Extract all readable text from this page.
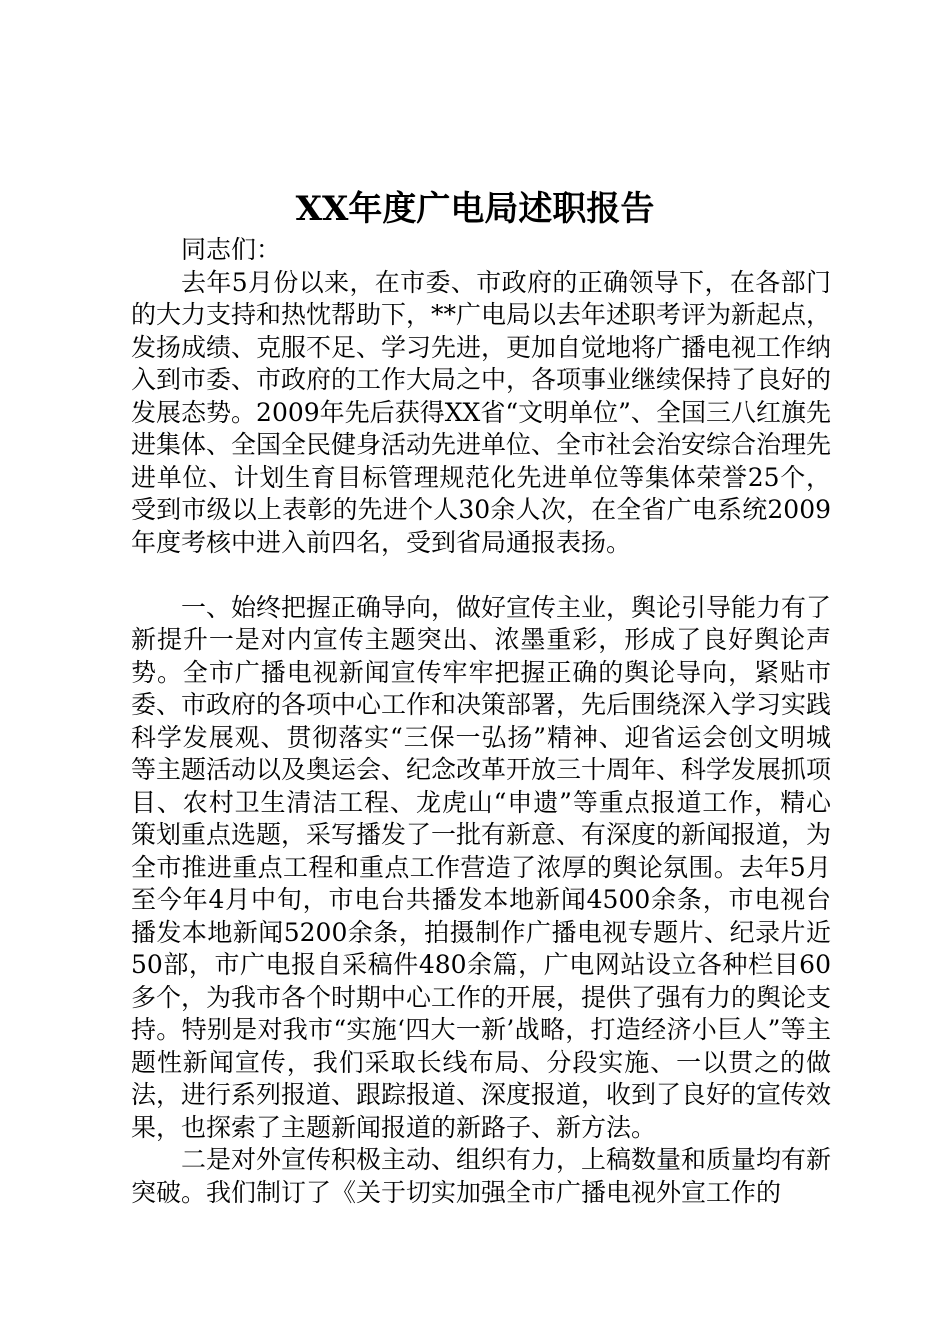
XX年度广电局述职报告

同志们：

去年5月份以来，在市委、市政府的正确领导下，在各部门的大力支持和热忱帮助下，**广电局以去年述职考评为新起点，发扬成绩、克服不足、学习先进，更加自觉地将广播电视工作纳入到市委、市政府的工作大局之中，各项事业继续保持了良好的发展态势。2009年先后获得XX省“文明单位”、全国三八红旗先进集体、全国全民健身活动先进单位、全市社会治安综合治理先进单位、计划生育目标管理规范化先进单位等集体荣誉25个，受到市级以上表彰的先进个人30余人次，在全省广电系统2009年度考核中进入前四名，受到省局通报表扬。

一、始终把握正确导向，做好宣传主业，舆论引导能力有了新提升一是对内宣传主题突出、浓墨重彩，形成了良好舆论声势。全市广播电视新闻宣传牢牢把握正确的舆论导向，紧贴市委、市政府的各项中心工作和决策部署，先后围绕深入学习实践科学发展观、贯彻落实“三保一弘扬”精神、迎省运会创文明城等主题活动以及奥运会、纪念改革开放三十周年、科学发展抓项目、农村卫生清洁工程、龙虎山“申遗”等重点报道工作，精心策划重点选题，采写播发了一批有新意、有深度的新闻报道，为全市推进重点工程和重点工作营造了浓厚的舆论氛围。去年5月至今年4月中旬，市电台共播发本地新闻4500余条，市电视台播发本地新闻5200余条，拍摄制作广播电视专题片、纪录片近50部，市广电报自采稿件480余篇，广电网站设立各种栏目60多个，为我市各个时期中心工作的开展，提供了强有力的舆论支持。特别是对我市“实施‘四大一新’战略，打造经济小巨人”等主题性新闻宣传，我们采取长线布局、分段实施、一以贯之的做法，进行系列报道、跟踪报道、深度报道，收到了良好的宣传效果，也探索了主题新闻报道的新路子、新方法。

二是对外宣传积极主动、组织有力，上稿数量和质量均有新突破。我们制订了《关于切实加强全市广播电视外宣工作的
